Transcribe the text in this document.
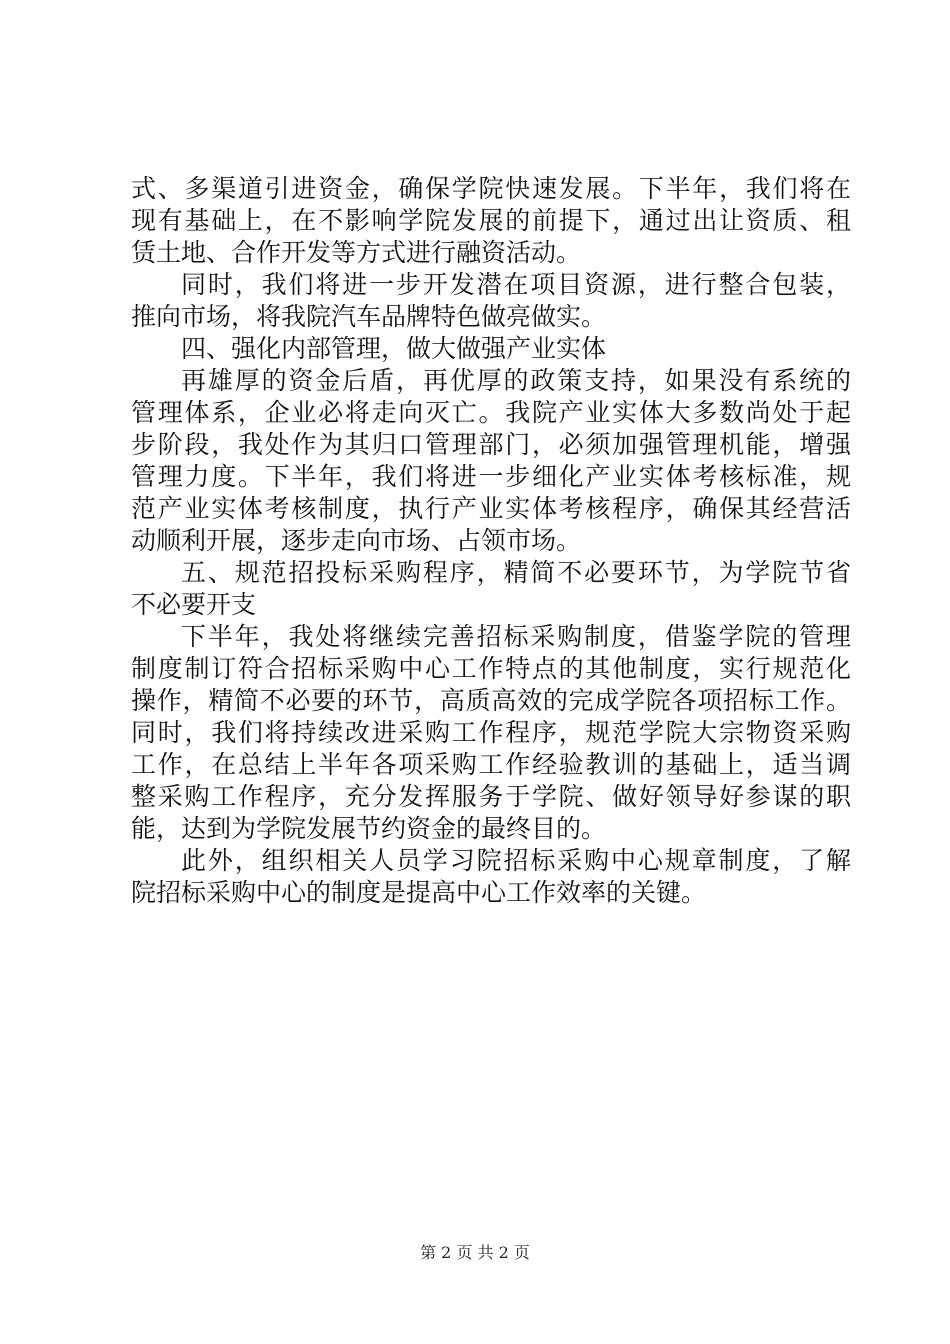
式、多渠道引进资金，确保学院快速发展。下半年，我们将在
现有基础上，在不影响学院发展的前提下，通过出让资质、租
赁土地、合作开发等方式进行融资活动。
同时，我们将进一步开发潜在项目资源，进行整合包装，
推向市场，将我院汽车品牌特色做亮做实。
四、强化内部管理，做大做强产业实体
再雄厚的资金后盾，再优厚的政策支持，如果没有系统的
管理体系，企业必将走向灭亡。我院产业实体大多数尚处于起
步阶段，我处作为其归口管理部门，必须加强管理机能，增强
管理力度。下半年，我们将进一步细化产业实体考核标准，规
范产业实体考核制度，执行产业实体考核程序，确保其经营活
动顺利开展，逐步走向市场、占领市场。
五、规范招投标采购程序，精简不必要环节，为学院节省
不必要开支
下半年，我处将继续完善招标采购制度，借鉴学院的管理
制度制订符合招标采购中心工作特点的其他制度，实行规范化
操作，精简不必要的环节，高质高效的完成学院各项招标工作。
同时，我们将持续改进采购工作程序，规范学院大宗物资采购
工作，在总结上半年各项采购工作经验教训的基础上，适当调
整采购工作程序，充分发挥服务于学院、做好领导好参谋的职
能，达到为学院发展节约资金的最终目的。
此外，组织相关人员学习院招标采购中心规章制度，了解
院招标采购中心的制度是提高中心工作效率的关键。
第 2 页 共 2 页
